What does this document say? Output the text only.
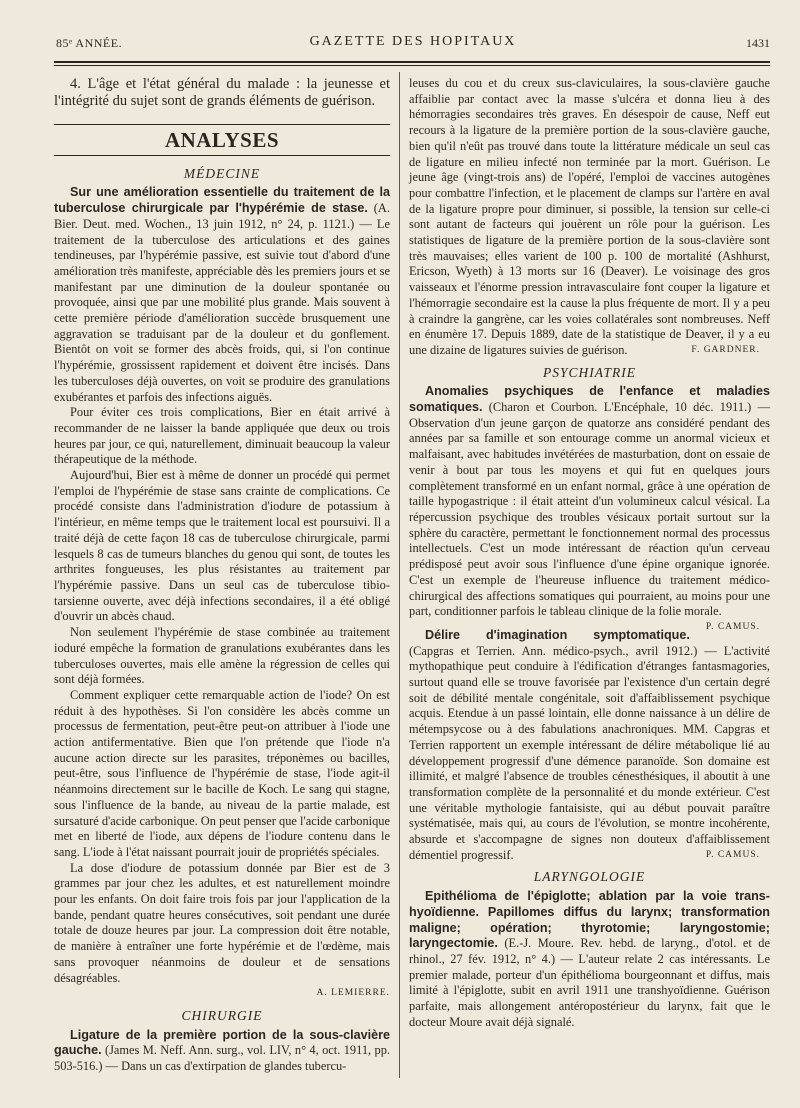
85ᵉ ANNÉE.	GAZETTE DES HOPITAUX	1431

4. L'âge et l'état général du malade : la jeunesse et l'intégrité du sujet sont de grands éléments de guérison.

ANALYSES
MÉDECINE

Sur une amélioration essentielle du traitement de la tuberculose chirurgicale par l'hypérémie de stase. (A. Bier. Deut. med. Wochen., 13 juin 1912, n° 24, p. 1121.) — Le traitement de la tuberculose des articulations et des gaines tendineuses, par l'hypérémie passive, est suivie tout d'abord d'une amélioration très manifeste, appréciable dès les premiers jours et se manifestant par une diminution de la douleur spontanée ou provoquée, ainsi que par une mobilité plus grande. Mais souvent à cette première période d'amélioration succède brusquement une aggravation se traduisant par de la douleur et du gonflement. Bientôt on voit se former des abcès froids, qui, si l'on continue l'hypérémie, grossissent rapidement et doivent être incisés. Dans les tuberculoses déjà ouvertes, on voit se produire des granulations exubérantes et parfois des infections aiguës.

Pour éviter ces trois complications, Bier en était arrivé à recommander de ne laisser la bande appliquée que deux ou trois heures par jour, ce qui, naturellement, diminuait beaucoup la valeur thérapeutique de la méthode.

Aujourd'hui, Bier est à même de donner un procédé qui permet l'emploi de l'hypérémie de stase sans crainte de complications. Ce procédé consiste dans l'administration d'iodure de potassium à l'intérieur, en même temps que le traitement local est poursuivi. Il a traité déjà de cette façon 18 cas de tuberculose chirurgicale, parmi lesquels 8 cas de tumeurs blanches du genou qui sont, de toutes les arthrites fongueuses, les plus résistantes au traitement par l'hypérémie passive. Dans un seul cas de tuberculose tibio-tarsienne ouverte, avec déjà infections secondaires, il a été obligé d'ouvrir un abcès chaud.

Non seulement l'hypérémie de stase combinée au traitement ioduré empêche la formation de granulations exubérantes dans les tuberculoses ouvertes, mais elle amène la régression de celles qui sont déjà formées.

Comment expliquer cette remarquable action de l'iode? On est réduit à des hypothèses. Si l'on considère les abcès comme un processus de fermentation, peut-être peut-on attribuer à l'iode une action antifermentative. Bien que l'on prétende que l'iode n'a aucune action directe sur les parasites, tréponèmes ou bacilles, peut-être, sous l'influence de l'hypérémie de stase, l'iode agit-il néanmoins directement sur le bacille de Koch. Le sang qui stagne, sous l'influence de la bande, au niveau de la partie malade, est sursaturé d'acide carbonique. On peut penser que l'acide carbonique met en liberté de l'iode, aux dépens de l'iodure contenu dans le sang. L'iode à l'état naissant pourrait jouir de propriétés spéciales.

La dose d'iodure de potassium donnée par Bier est de 3 grammes par jour chez les adultes, et est naturellement moindre pour les enfants. On doit faire trois fois par jour l'application de la bande, pendant quatre heures consécutives, soit pendant une durée totale de douze heures par jour. La compression doit être notable, de manière à entraîner une forte hypérémie et de l'œdème, mais sans provoquer néanmoins de douleur et de sensations désagréables.

A. LEMIERRE.

CHIRURGIE

Ligature de la première portion de la sous-clavière gauche. (James M. Neff. Ann. surg., vol. LIV, n° 4, oct. 1911, pp. 503-516.) — Dans un cas d'extirpation de glandes tubercu-

leuses du cou et du creux sus-claviculaires, la sous-clavière gauche affaiblie par contact avec la masse s'ulcéra et donna lieu à des hémorragies secondaires très graves. En désespoir de cause, Neff eut recours à la ligature de la première portion de la sous-clavière gauche, bien qu'il n'eût pas trouvé dans toute la littérature médicale un seul cas de ligature en milieu infecté non terminée par la mort. Guérison. Le jeune âge (vingt-trois ans) de l'opéré, l'emploi de vaccines autogènes pour combattre l'infection, et le placement de clamps sur l'artère en aval de la ligature propre pour diminuer, si possible, la tension sur celle-ci sont autant de facteurs qui jouèrent un rôle pour la guérison. Les statistiques de ligature de la première portion de la sous-clavière sont très mauvaises; elles varient de 100 p. 100 de mortalité (Ashhurst, Ericson, Wyeth) à 13 morts sur 16 (Deaver). Le voisinage des gros vaisseaux et l'énorme pression intravasculaire font couper la ligature et l'hémorragie secondaire est la cause la plus fréquente de mort. Il y a peu à craindre la gangrène, car les voies collatérales sont nombreuses. Neff en énumère 17. Depuis 1889, date de la statistique de Deaver, il y a eu une dizaine de ligatures suivies de guérison.	F. GARDNER.

PSYCHIATRIE

Anomalies psychiques de l'enfance et maladies somatiques. (Charon et Courbon. L'Encéphale, 10 déc. 1911.) — Observation d'un jeune garçon de quatorze ans considéré pendant des années par sa famille et son entourage comme un anormal vicieux et malfaisant, avec habitudes invétérées de masturbation, dont on essaie de venir à bout par tous les moyens et qui fut en quelques jours complètement transformé en un enfant normal, grâce à une opération de taille hypogastrique : il était atteint d'un volumineux calcul vésical. La répercussion psychique des troubles vésicaux portait surtout sur la sphère du caractère, permettant le fonctionnement normal des processus intellectuels. C'est un mode intéressant de réaction qu'un cerveau prédisposé peut avoir sous l'influence d'une épine organique ignorée. C'est un exemple de l'heureuse influence du traitement médico-chirurgical des affections somatiques qui pourraient, au moins pour une part, conditionner parfois le tableau clinique de la folie morale.
P. CAMUS.

Délire d'imagination symptomatique. (Capgras et Terrien. Ann. médico-psych., avril 1912.) — L'activité mythopathique peut conduire à l'édification d'étranges fantasmagories, surtout quand elle se trouve favorisée par l'existence d'un certain degré soit de débilité mentale congénitale, soit d'affaiblissement psychique acquis. Etendue à un passé lointain, elle donne naissance à un délire de métempsycose ou à des fabulations anachroniques. MM. Capgras et Terrien rapportent un exemple intéressant de délire métabolique lié au développement progressif d'une démence paranoïde. Son domaine est illimité, et malgré l'absence de troubles cénesthésiques, il aboutit à une transformation complète de la personnalité et du monde extérieur. C'est une véritable mythologie fantaisiste, qui au début pouvait paraître systématisée, mais qui, au cours de l'évolution, se montre incohérente, absurde et s'accompagne de signes non douteux d'affaiblissement démentiel progressif.	P. CAMUS.

LARYNGOLOGIE

Epithélioma de l'épiglotte; ablation par la voie trans-hyoïdienne. Papillomes diffus du larynx; transformation maligne; opération; thyrotomie; laryngostomie; laryngectomie. (E.-J. Moure. Rev. hebd. de laryng., d'otol. et de rhinol., 27 fév. 1912, n° 4.) — L'auteur relate 2 cas intéressants. Le premier malade, porteur d'un épithélioma bourgeonnant et diffus, mais limité à l'épiglotte, subit en avril 1911 une transhyoïdienne. Guérison parfaite, mais allongement antéropostérieur du larynx, fait que le docteur Moure avait déjà signalé.
